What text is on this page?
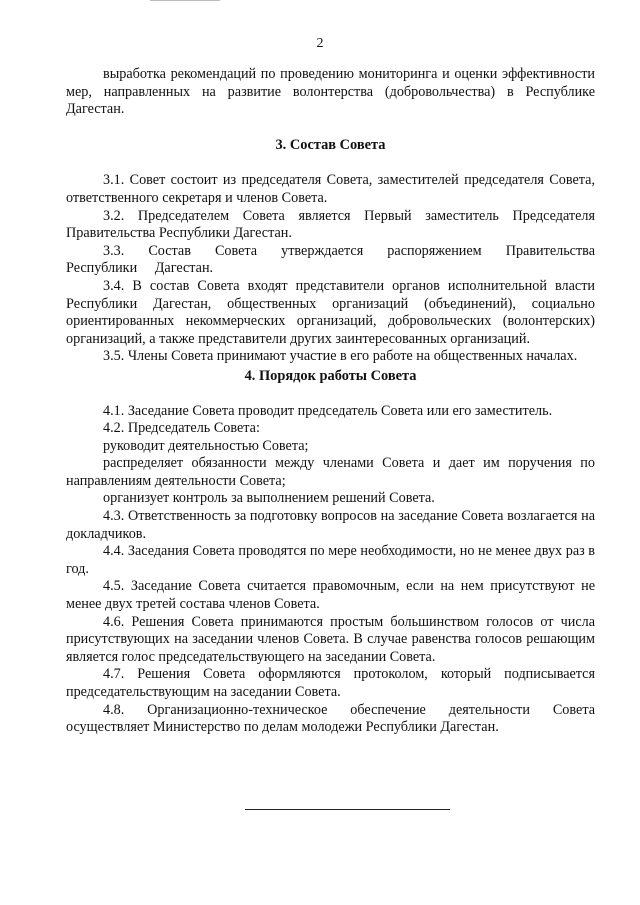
2

выработка рекомендаций по проведению мониторинга и оценки эффективности мер, направленных на развитие волонтерства (добровольчества) в Республике Дагестан.

3. Состав Совета

3.1. Совет состоит из председателя Совета, заместителей председателя Совета, ответственного секретаря и членов Совета.

3.2. Председателем Совета является Первый заместитель Председателя Правительства Республики Дагестан.

3.3. Состав Совета утверждается распоряжением Правительства Республики Дагестан.

3.4. В состав Совета входят представители органов исполнительной власти Республики Дагестан, общественных организаций (объединений), социально ориентированных некоммерческих организаций, добровольческих (волонтерских) организаций, а также представители других заинтересованных организаций.

3.5. Члены Совета принимают участие в его работе на общественных началах.

4. Порядок работы Совета

4.1. Заседание Совета проводит председатель Совета или его заместитель.

4.2. Председатель Совета:

руководит деятельностью Совета;

распределяет обязанности между членами Совета и дает им поручения по направлениям деятельности Совета;

организует контроль за выполнением решений Совета.

4.3. Ответственность за подготовку вопросов на заседание Совета возлагается на докладчиков.

4.4. Заседания Совета проводятся по мере необходимости, но не менее двух раз в год.

4.5. Заседание Совета считается правомочным, если на нем присутствуют не менее двух третей состава членов Совета.

4.6. Решения Совета принимаются простым большинством голосов от числа присутствующих на заседании членов Совета. В случае равенства голосов решающим является голос председательствующего на заседании Совета.

4.7. Решения Совета оформляются протоколом, который подписывается председательствующим на заседании Совета.

4.8. Организационно-техническое обеспечение деятельности Совета осуществляет Министерство по делам молодежи Республики Дагестан.
